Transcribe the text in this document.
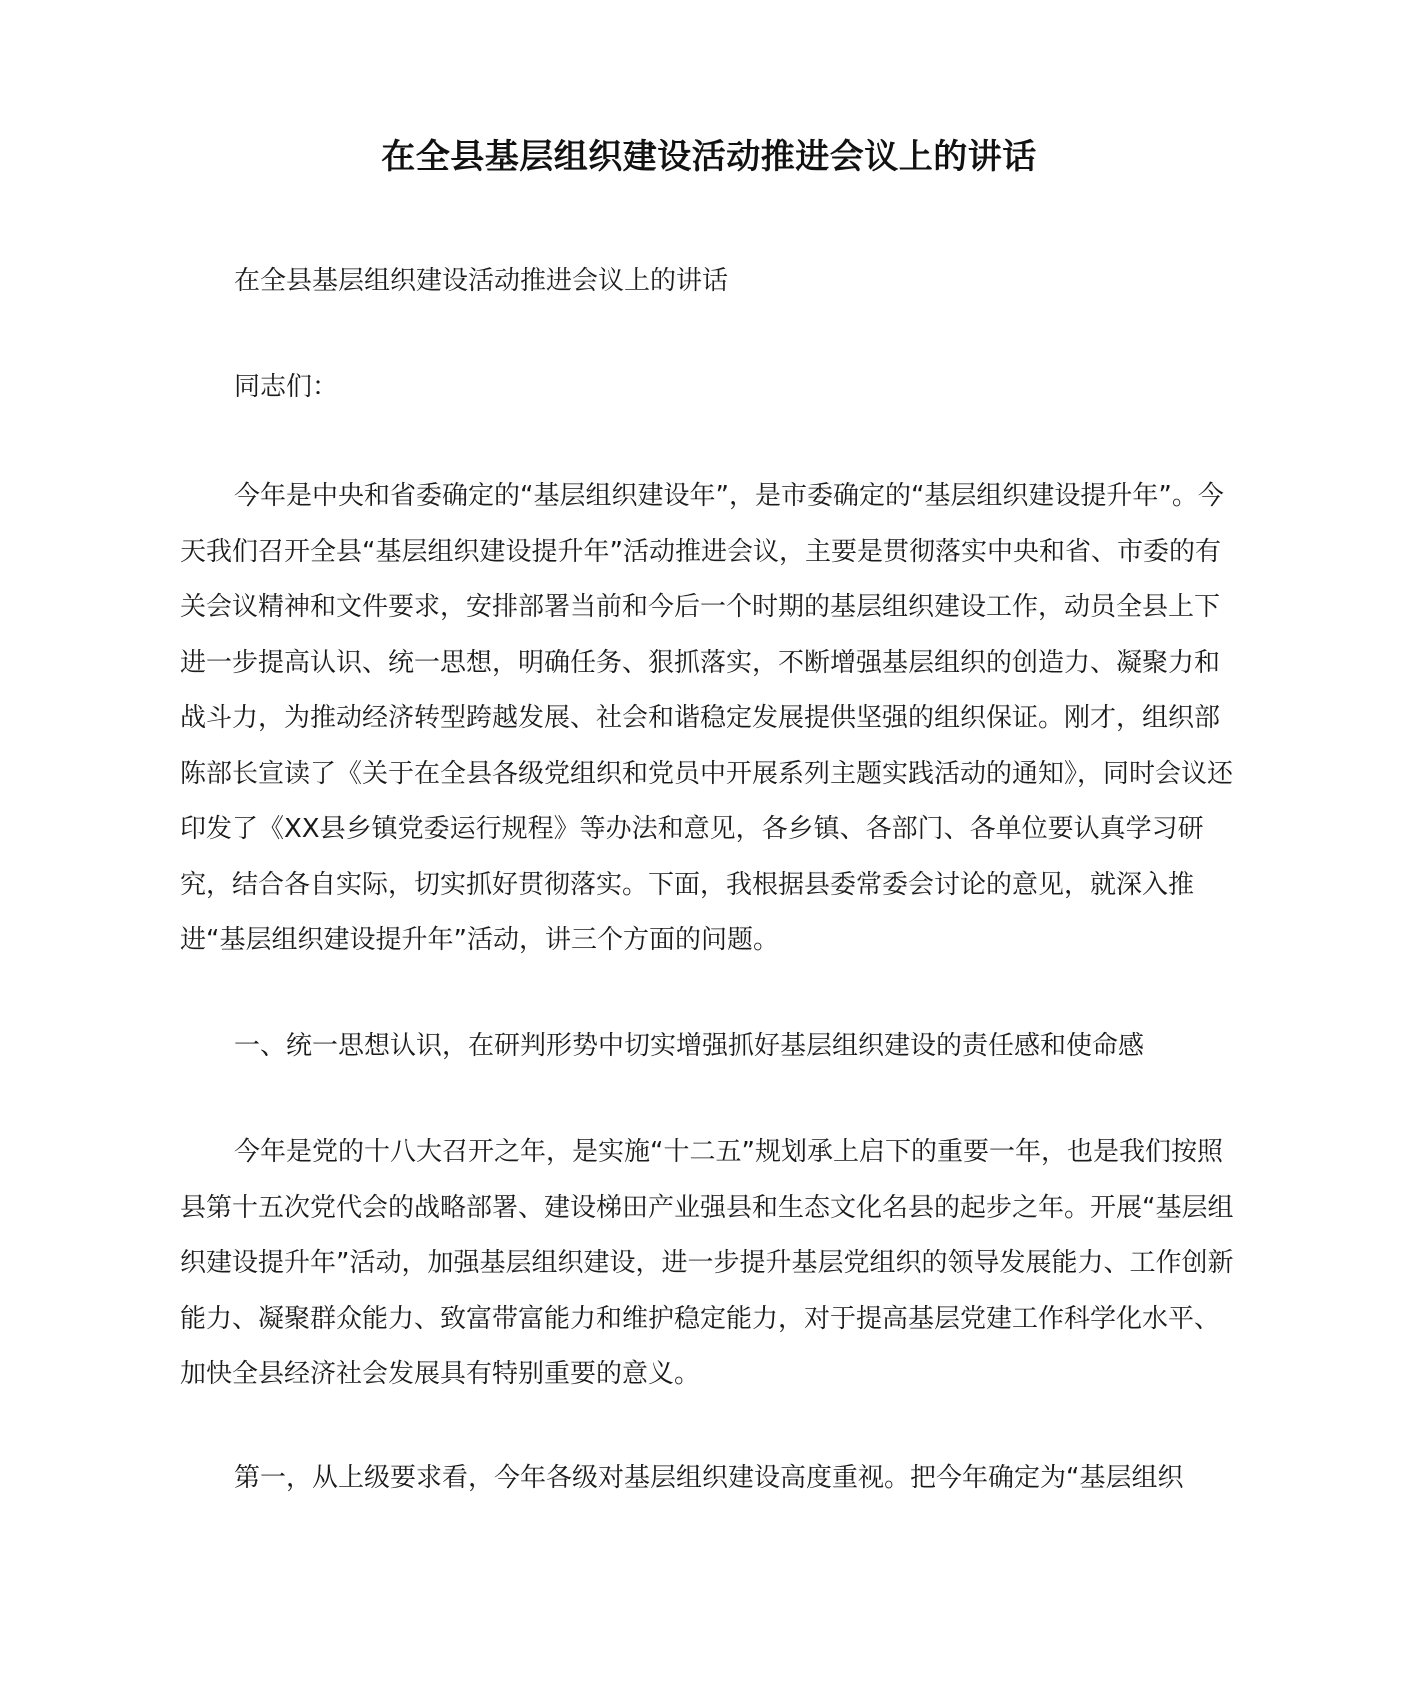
在全县基层组织建设活动推进会议上的讲话

在全县基层组织建设活动推进会议上的讲话

同志们：

今年是中央和省委确定的“基层组织建设年”，是市委确定的“基层组织建设提升年”。今天我们召开全县“基层组织建设提升年”活动推进会议，主要是贯彻落实中央和省、市委的有关会议精神和文件要求，安排部署当前和今后一个时期的基层组织建设工作，动员全县上下进一步提高认识、统一思想，明确任务、狠抓落实，不断增强基层组织的创造力、凝聚力和战斗力，为推动经济转型跨越发展、社会和谐稳定发展提供坚强的组织保证。刚才，组织部陈部长宣读了《关于在全县各级党组织和党员中开展系列主题实践活动的通知》，同时会议还印发了《XX县乡镇党委运行规程》等办法和意见，各乡镇、各部门、各单位要认真学习研究，结合各自实际，切实抓好贯彻落实。下面，我根据县委常委会讨论的意见，就深入推进“基层组织建设提升年”活动，讲三个方面的问题。

一、统一思想认识，在研判形势中切实增强抓好基层组织建设的责任感和使命感

今年是党的十八大召开之年，是实施“十二五”规划承上启下的重要一年，也是我们按照县第十五次党代会的战略部署、建设梯田产业强县和生态文化名县的起步之年。开展“基层组织建设提升年”活动，加强基层组织建设，进一步提升基层党组织的领导发展能力、工作创新能力、凝聚群众能力、致富带富能力和维护稳定能力，对于提高基层党建工作科学化水平、加快全县经济社会发展具有特别重要的意义。

第一，从上级要求看，今年各级对基层组织建设高度重视。把今年确定为“基层组织
